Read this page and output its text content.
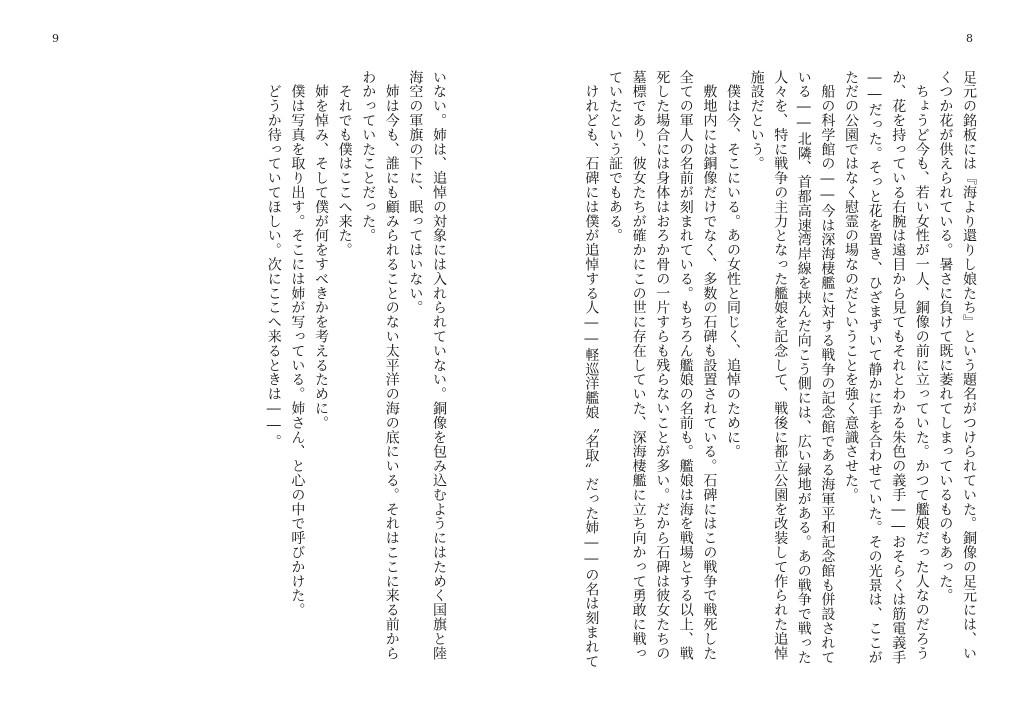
9	8
足元の銘板には『海より還りし娘たち』という題名がつけられていた。銅像の足元には、い
くつか花が供えられている。暑さに負けて既に萎れてしまっているものもあった。
　ちょうど今も、若い女性が一人、銅像の前に立っていた。かつて艦娘だった人なのだろう
か、花を持っている右腕は遠目から見てもそれとわかる朱色の義手――おそらくは筋電義手
――だった。そっと花を置き、ひざまずいて静かに手を合わせていた。その光景は、ここが
ただの公園ではなく慰霊の場なのだということを強く意識させた。
　船の科学館の――今は深海棲艦に対する戦争の記念館である海軍平和記念館も併設されて
いる――北隣、首都高速湾岸線を挟んだ向こう側には、広い緑地がある。あの戦争で戦った
人々を、特に戦争の主力となった艦娘を記念して、戦後に都立公園を改装して作られた追悼
施設だという。
　僕は今、そこにいる。あの女性と同じく、追悼のために。
　敷地内には銅像だけでなく、多数の石碑も設置されている。石碑にはこの戦争で戦死した
全ての軍人の名前が刻まれている。もちろん艦娘の名前も。艦娘は海を戦場とする以上、戦
死した場合には身体はおろか骨の一片すらも残らないことが多い。だから石碑は彼女たちの
墓標であり、彼女たちが確かにこの世に存在していた、深海棲艦に立ち向かって勇敢に戦っ
ていたという証でもある。
　けれども、石碑には僕が追悼する人――軽巡洋艦娘〝名取〟だった姉――の名は刻まれて
いない。姉は、追悼の対象には入れられていない。銅像を包み込むようにはためく国旗と陸
海空の軍旗の下に、眠ってはいない。
　姉は今も、誰にも顧みられることのない太平洋の海の底にいる。それはここに来る前から
わかっていたことだった。
　それでも僕はここへ来た。
　姉を悼み、そして僕が何をすべきかを考えるために。
　僕は写真を取り出す。そこには姉が写っている。姉さん、と心の中で呼びかけた。
　どうか待っていてほしい。次にここへ来るときは――。
